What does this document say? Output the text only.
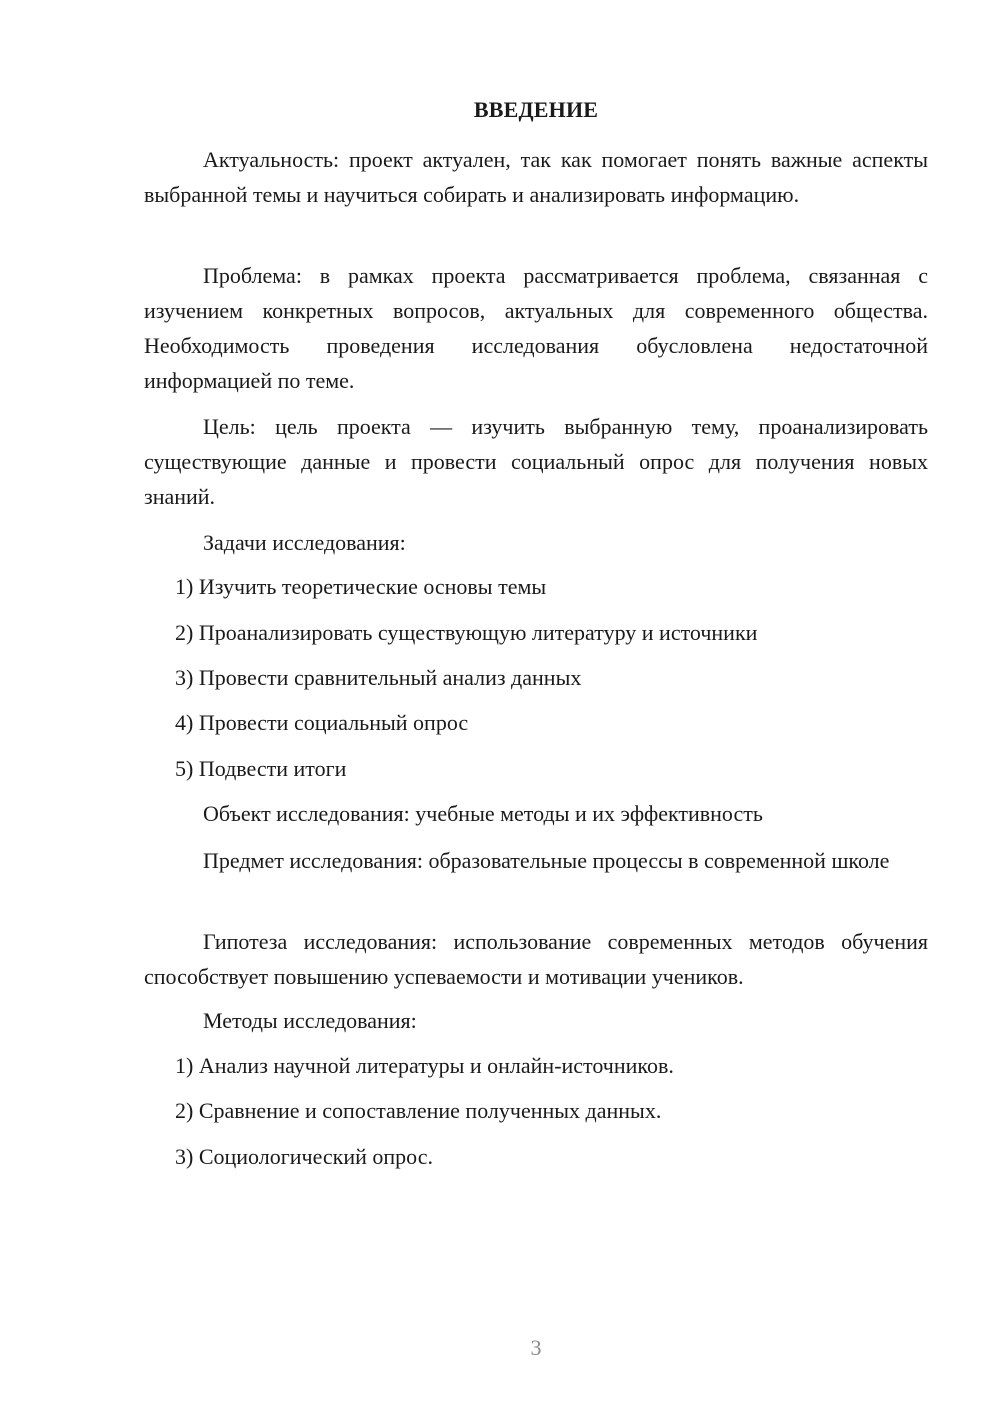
ВВЕДЕНИЕ
Актуальность: проект актуален, так как помогает понять важные аспекты выбранной темы и научиться собирать и анализировать информацию.
Проблема: в рамках проекта рассматривается проблема, связанная с изучением конкретных вопросов, актуальных для современного общества. Необходимость проведения исследования обусловлена недостаточной информацией по теме.
Цель: цель проекта — изучить выбранную тему, проанализировать существующие данные и провести социальный опрос для получения новых знаний.
Задачи исследования:
1) Изучить теоретические основы темы
2) Проанализировать существующую литературу и источники
3) Провести сравнительный анализ данных
4) Провести социальный опрос
5) Подвести итоги
Объект исследования: учебные методы и их эффективность
Предмет исследования: образовательные процессы в современной школе
Гипотеза исследования: использование современных методов обучения способствует повышению успеваемости и мотивации учеников.
Методы исследования:
1) Анализ научной литературы и онлайн-источников.
2) Сравнение и сопоставление полученных данных.
3) Социологический опрос.
3
